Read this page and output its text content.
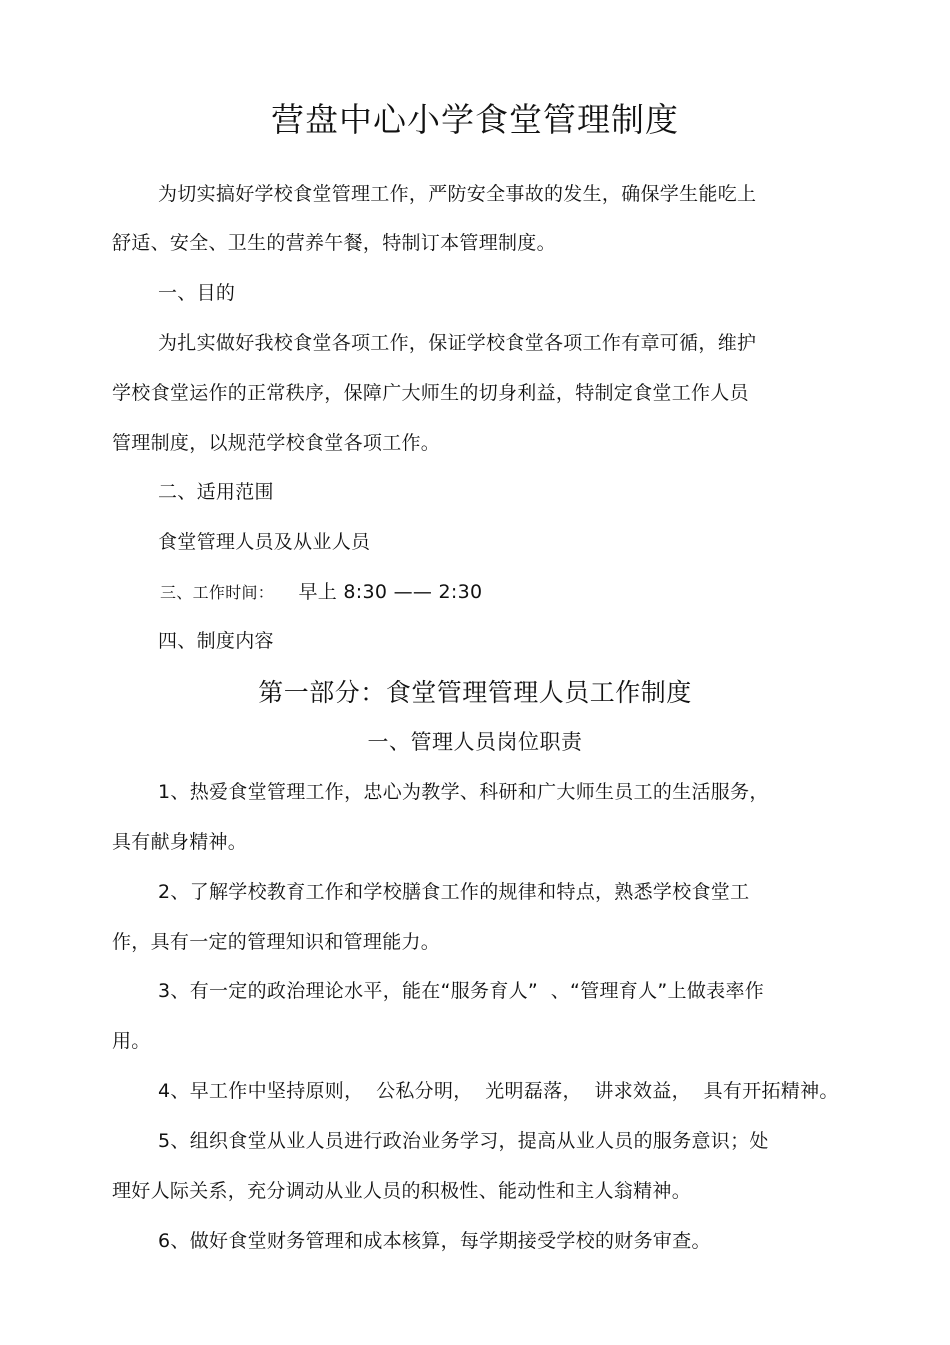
营盘中心小学食堂管理制度
为切实搞好学校食堂管理工作，严防安全事故的发生，确保学生能吃上
舒适、安全、卫生的营养午餐，特制订本管理制度。
一、目的
为扎实做好我校食堂各项工作，保证学校食堂各项工作有章可循，维护
学校食堂运作的正常秩序，保障广大师生的切身利益，特制定食堂工作人员
管理制度，以规范学校食堂各项工作。
二、适用范围
食堂管理人员及从业人员
三、工作时间： 早上 8:30 —— 2:30
四、制度内容
第一部分：食堂管理管理人员工作制度
一、管理人员岗位职责
1、热爱食堂管理工作，忠心为教学、科研和广大师生员工的生活服务，
具有献身精神。
2、了解学校教育工作和学校膳食工作的规律和特点，熟悉学校食堂工
作，具有一定的管理知识和管理能力。
3、有一定的政治理论水平，能在“服务育人”  、“管理育人”上做表率作
用。
4、早工作中坚持原则，  公私分明，  光明磊落，  讲求效益，  具有开拓精神。
5、组织食堂从业人员进行政治业务学习，提高从业人员的服务意识；处
理好人际关系，充分调动从业人员的积极性、能动性和主人翁精神。
6、做好食堂财务管理和成本核算，每学期接受学校的财务审查。
